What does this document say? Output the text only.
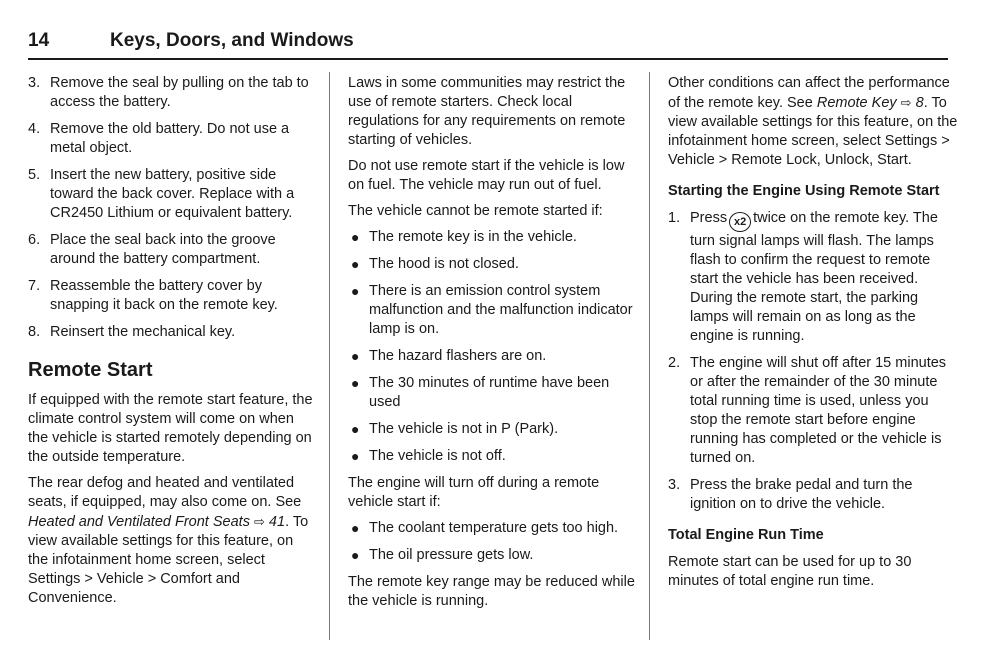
14	Keys, Doors, and Windows
3. Remove the seal by pulling on the tab to access the battery.
4. Remove the old battery. Do not use a metal object.
5. Insert the new battery, positive side toward the back cover. Replace with a CR2450 Lithium or equivalent battery.
6. Place the seal back into the groove around the battery compartment.
7. Reassemble the battery cover by snapping it back on the remote key.
8. Reinsert the mechanical key.
Remote Start

If equipped with the remote start feature, the climate control system will come on when the vehicle is started remotely depending on the outside temperature.

The rear defog and heated and ventilated seats, if equipped, may also come on. See Heated and Ventilated Front Seats ⇨ 41. To view available settings for this feature, on the infotainment home screen, select Settings > Vehicle > Comfort and Convenience.

Laws in some communities may restrict the use of remote starters. Check local regulations for any requirements on remote starting of vehicles.

Do not use remote start if the vehicle is low on fuel. The vehicle may run out of fuel.

The vehicle cannot be remote started if:

● The remote key is in the vehicle.
● The hood is not closed.
● There is an emission control system malfunction and the malfunction indicator lamp is on.
● The hazard flashers are on.
● The 30 minutes of runtime have been used
● The vehicle is not in P (Park).
● The vehicle is not off.

The engine will turn off during a remote vehicle start if:

● The coolant temperature gets too high.
● The oil pressure gets low.

The remote key range may be reduced while the vehicle is running.

Other conditions can affect the performance of the remote key. See Remote Key ⇨ 8. To view available settings for this feature, on the infotainment home screen, select Settings > Vehicle > Remote Lock, Unlock, Start.

Starting the Engine Using Remote Start
1. Press x2 twice on the remote key. The turn signal lamps will flash. The lamps flash to confirm the request to remote start the vehicle has been received. During the remote start, the parking lamps will remain on as long as the engine is running.
2. The engine will shut off after 15 minutes or after the remainder of the 30 minute total running time is used, unless you stop the remote start before engine running has completed or the vehicle is turned on.
3. Press the brake pedal and turn the ignition on to drive the vehicle.
Total Engine Run Time

Remote start can be used for up to 30 minutes of total engine run time.
